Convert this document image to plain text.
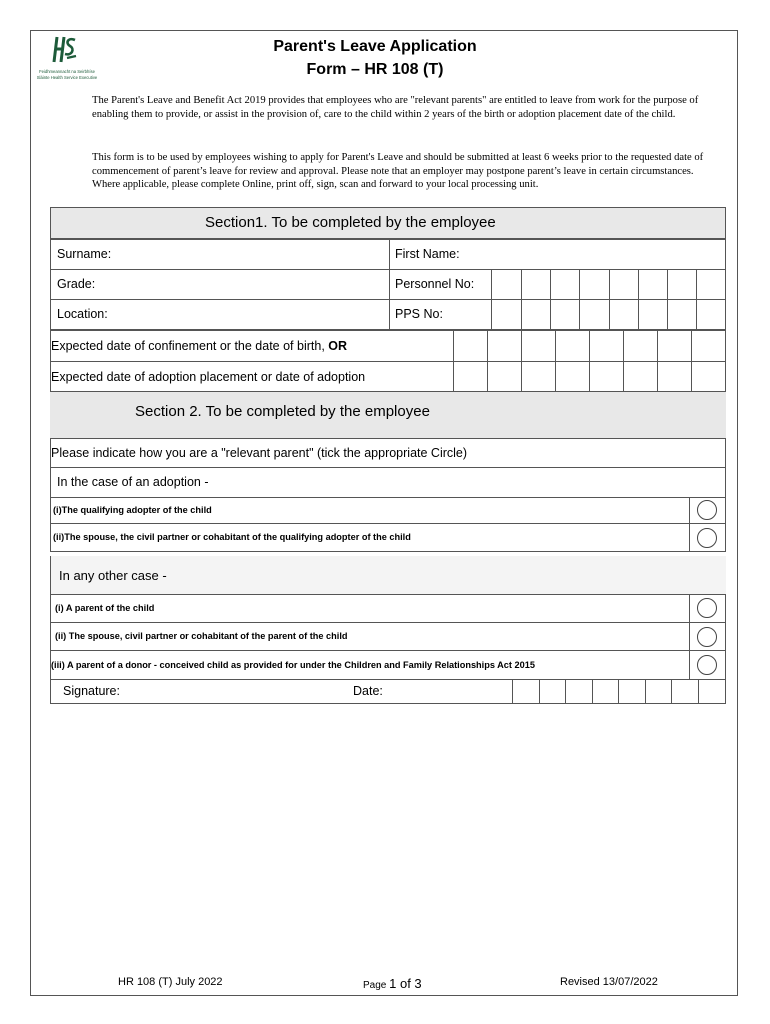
Feidhmeannacht na Seirbhíse Sláinte Health Service Executive
Parent's Leave Application
Form – HR 108 (T)

The Parent's Leave and Benefit Act 2019 provides that employees who are "relevant parents" are entitled to leave from work for the purpose of enabling them to provide, or assist in the provision of, care to the child within 2 years of the birth or adoption placement date of the child.

This form is to be used by employees wishing to apply for Parent's Leave and should be submitted at least 6 weeks prior to the requested date of commencement of parent’s leave for review and approval. Please note that an employer may postpone parent’s leave in certain circumstances.

Where applicable, please complete Online, print off, sign, scan and forward to your local processing unit.

Section1. To be completed by the employee
Surname:	First Name:
Grade:	Personnel No:
Location:	PPS No:
Expected date of confinement or the date of birth, OR
Expected date of adoption placement or date of adoption
Section 2. To be completed by the employee
Please indicate how you are a "relevant parent" (tick the appropriate Circle)
In the case of an adoption -
(i)The qualifying adopter of the child
(ii)The spouse, the civil partner or cohabitant of the qualifying adopter of the child
In any other case -
(i) A parent of the child
(ii) The spouse, civil partner or cohabitant of the parent of the child
(iii) A parent of a donor - conceived child as provided for under the Children and Family Relationships Act 2015
Signature:	Date:
HR 108 (T) July 2022	Page 1 of 3	Revised 13/07/2022
